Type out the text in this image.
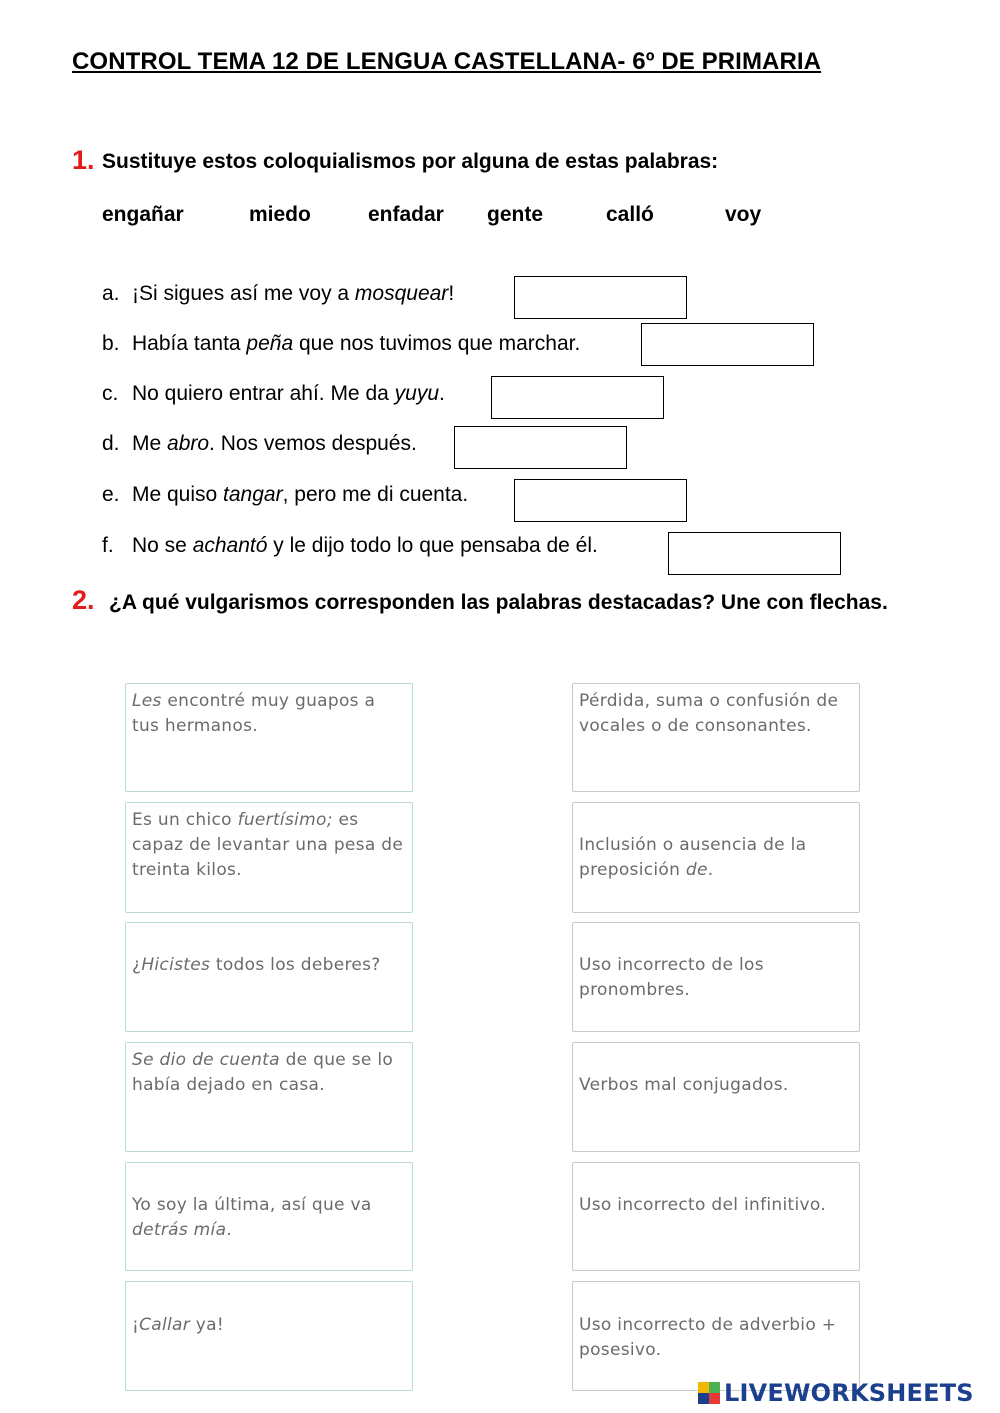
CONTROL TEMA 12 DE LENGUA CASTELLANA- 6º DE PRIMARIA
1. Sustituye estos coloquialismos por alguna de estas palabras:
engañar	miedo	enfadar gente	calló	voy
a. ¡Si sigues así me voy a mosquear!
b. Había tanta peña que nos tuvimos que marchar.
c. No quiero entrar ahí. Me da yuyu.
d. Me abro. Nos vemos después.
e. Me quiso tangar, pero me di cuenta.
f. No se achantó y le dijo todo lo que pensaba de él.
2. ¿A qué vulgarismos corresponden las palabras destacadas? Une con flechas.
Les encontré muy guapos a tus hermanos.
Es un chico fuertísimo; es capaz de levantar una pesa de treinta kilos.
¿Hicistes todos los deberes?
Se dio de cuenta de que se lo había dejado en casa.
Yo soy la última, así que va detrás mía.
¡Callar ya!
Pérdida, suma o confusión de vocales o de consonantes.
Inclusión o ausencia de la preposición de.
Uso incorrecto de los pronombres.
Verbos mal conjugados.
Uso incorrecto del infinitivo.
Uso incorrecto de adverbio + posesivo.
LIVEWORKSHEETS
